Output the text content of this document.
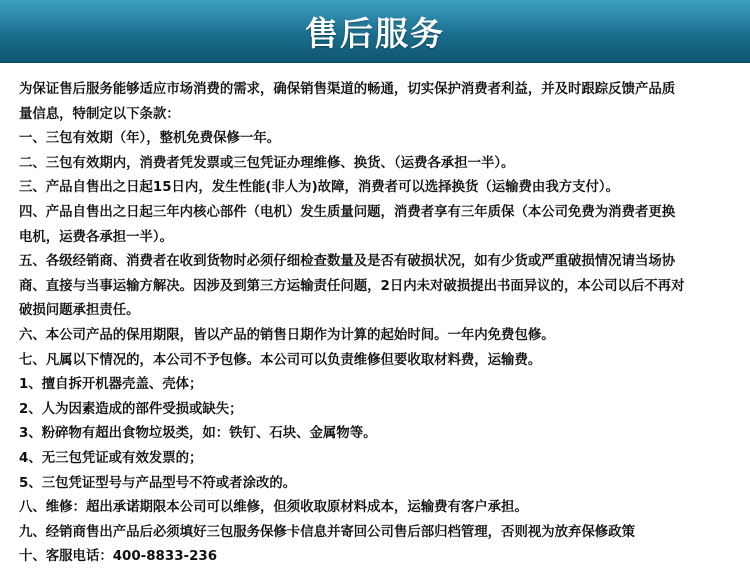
售后服务
为保证售后服务能够适应市场消费的需求，确保销售渠道的畅通，切实保护消费者利益，并及时跟踪反馈产品质
量信息，特制定以下条款：
一、三包有效期（年），整机免费保修一年。
二、三包有效期内，消费者凭发票或三包凭证办理维修、换货、（运费各承担一半）。
三、产品自售出之日起15日内，发生性能(非人为)故障，消费者可以选择换货（运输费由我方支付）。
四、产品自售出之日起三年内核心部件（电机）发生质量问题，消费者享有三年质保（本公司免费为消费者更换
电机，运费各承担一半）。
五、各级经销商、消费者在收到货物时必须仔细检查数量及是否有破损状况，如有少货或严重破损情况请当场协
商、直接与当事运输方解决。因涉及到第三方运输责任问题，2日内未对破损提出书面异议的，本公司以后不再对
破损问题承担责任。
六、本公司产品的保用期限，皆以产品的销售日期作为计算的起始时间。一年内免费包修。
七、凡属以下情况的，本公司不予包修。本公司可以负责维修但要收取材料费，运输费。
1、擅自拆开机器壳盖、壳体；
2、人为因素造成的部件受损或缺失；
3、粉碎物有超出食物垃圾类，如：铁钉、石块、金属物等。
4、无三包凭证或有效发票的；
5、三包凭证型号与产品型号不符或者涂改的。
八、维修：超出承诺期限本公司可以维修，但须收取原材料成本，运输费有客户承担。
九、经销商售出产品后必须填好三包服务保修卡信息并寄回公司售后部归档管理，否则视为放弃保修政策
十、客服电话：400-8833-236
